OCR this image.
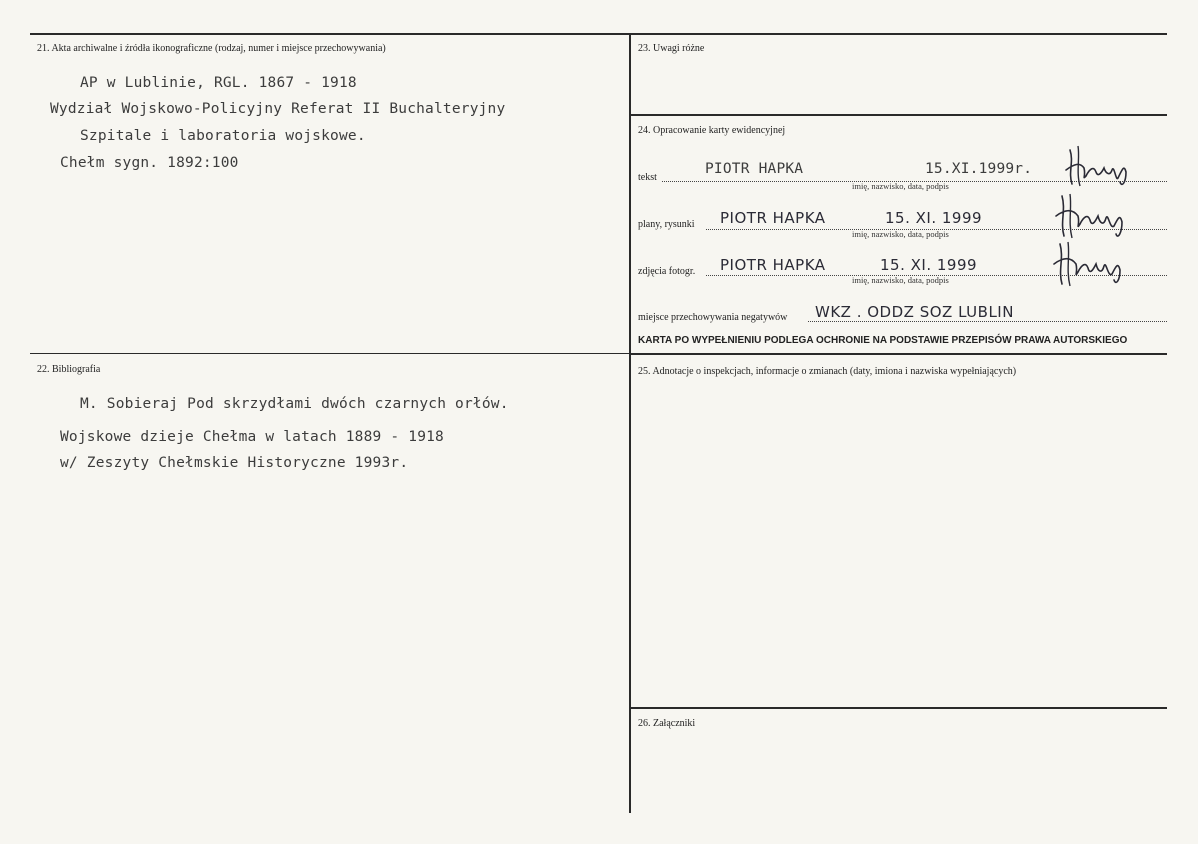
21. Akta archiwalne i źródła ikonograficzne (rodzaj, numer i miejsce przechowywania)
AP w Lublinie, RGL. 1867 - 1918
Wydział Wojskowo-Policyjny Referat II Buchalteryjny
Szpitale i laboratoria wojskowe.
Chełm sygn. 1892:100
22. Bibliografia
M. Sobieraj Pod skrzydłami dwóch czarnych orłów.
Wojskowe dzieje Chełma w latach 1889 - 1918
w/ Zeszyty Chełmskie Historyczne 1993r.
23. Uwagi różne
24. Opracowanie karty ewidencyjnej
tekst
PIOTR HAPKA	15.XI.1999r.
imię, nazwisko, data, podpis
plany, rysunki PIOTR HAPKA	15. XI. 1999
imię, nazwisko, data, podpis
zdjęcia fotogr. PIOTR HAPKA	15. XI. 1999
imię, nazwisko, data, podpis
miejsce przechowywania negatywów WKZ . ODDZ SOZ LUBLIN
KARTA PO WYPEŁNIENIU PODLEGA OCHRONIE NA PODSTAWIE PRZEPISÓW PRAWA AUTORSKIEGO
25. Adnotacje o inspekcjach, informacje o zmianach (daty, imiona i nazwiska wypełniających)
26. Załączniki
